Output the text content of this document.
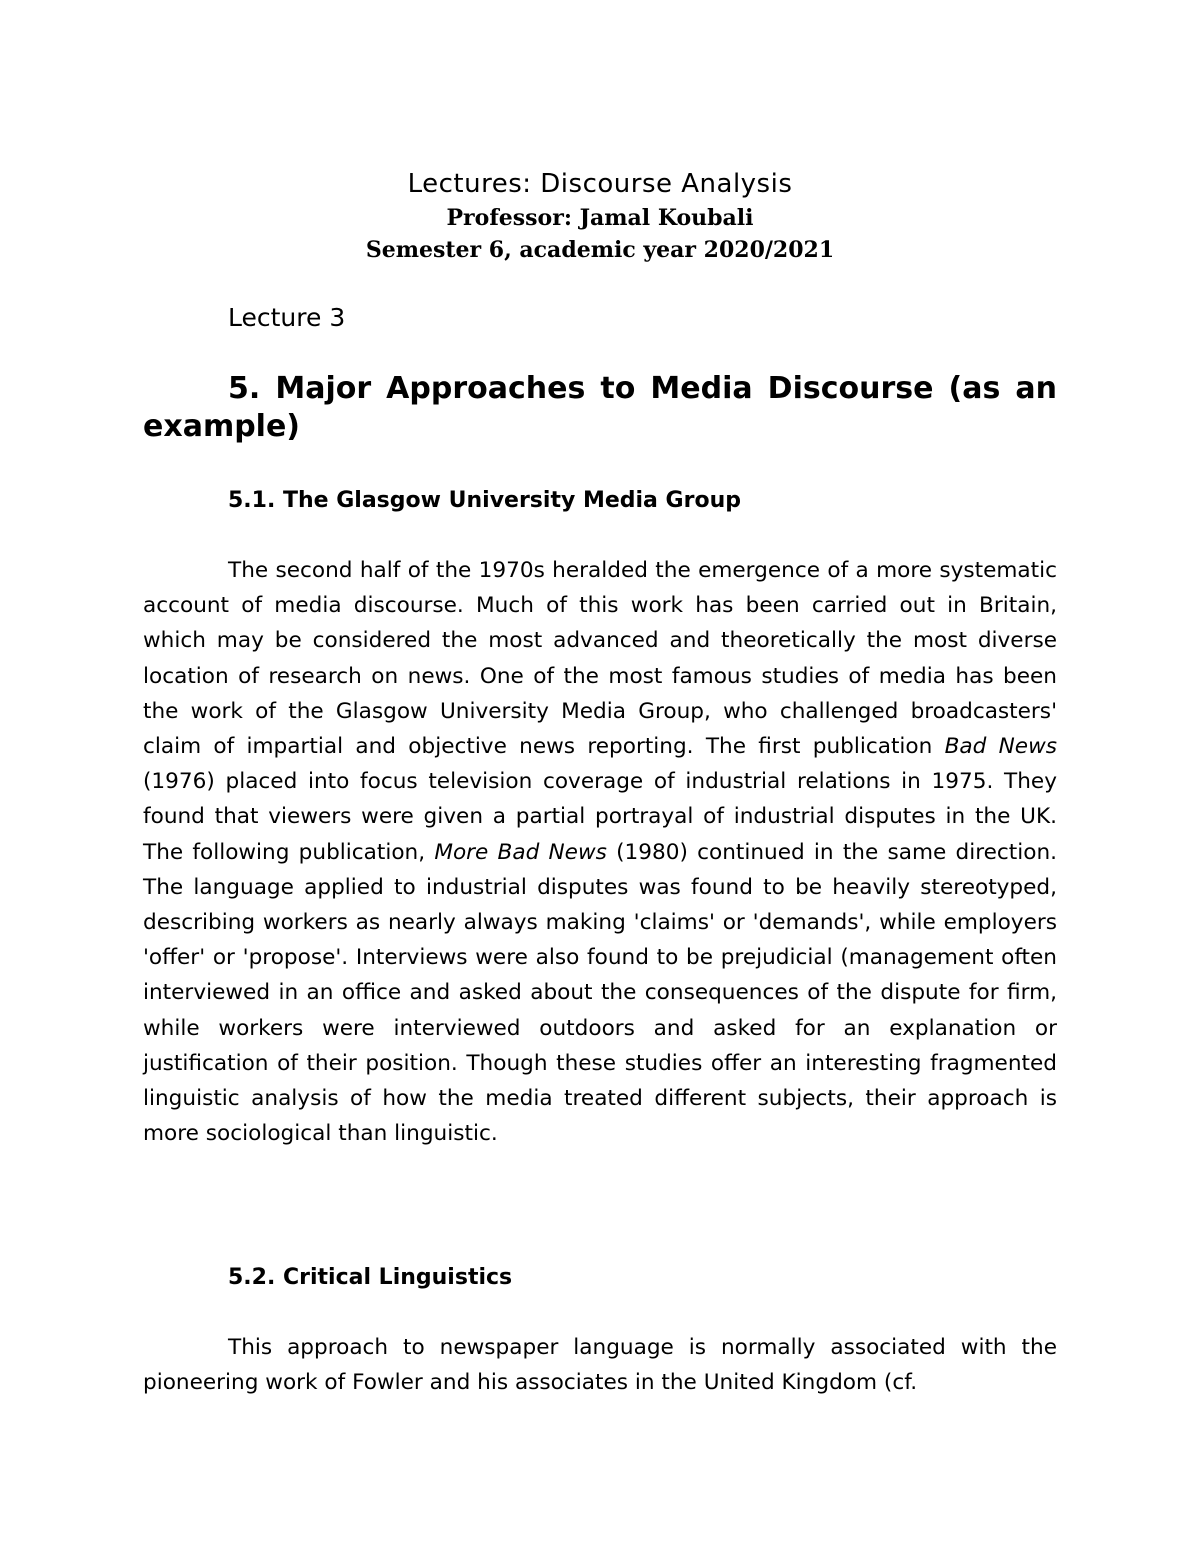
Lectures: Discourse Analysis

Professor: Jamal Koubali

Semester 6, academic year 2020/2021

Lecture 3

5. Major Approaches to Media Discourse (as an example)
5.1. The Glasgow University Media Group

The second half of the 1970s heralded the emergence of a more systematic account of media discourse. Much of this work has been carried out in Britain, which may be considered the most advanced and theoretically the most diverse location of research on news. One of the most famous studies of media has been the work of the Glasgow University Media Group, who challenged broadcasters' claim of impartial and objective news reporting. The first publication Bad News (1976) placed into focus television coverage of industrial relations in 1975. They found that viewers were given a partial portrayal of industrial disputes in the UK. The following publication, More Bad News (1980) continued in the same direction. The language applied to industrial disputes was found to be heavily stereotyped, describing workers as nearly always making 'claims' or 'demands', while employers 'offer' or 'propose'. Interviews were also found to be prejudicial (management often interviewed in an office and asked about the consequences of the dispute for firm, while workers were interviewed outdoors and asked for an explanation or justification of their position. Though these studies offer an interesting fragmented linguistic analysis of how the media treated different subjects, their approach is more sociological than linguistic.

5.2. Critical Linguistics

This approach to newspaper language is normally associated with the pioneering work of Fowler and his associates in the United Kingdom (cf.
